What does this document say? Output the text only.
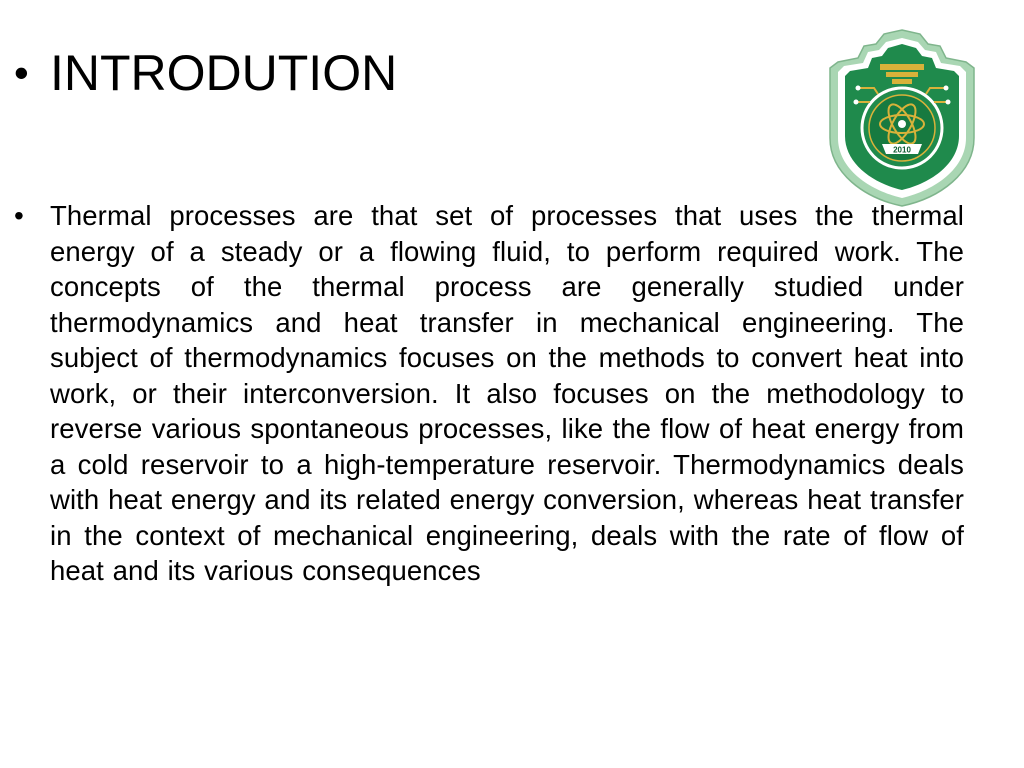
• INTRODUTION
2010
• Thermal processes are that set of processes that uses the thermal energy of a steady or a flowing fluid, to perform required work. The concepts of the thermal process are generally studied under thermodynamics and heat transfer in mechanical engineering. The subject of thermodynamics focuses on the methods to convert heat into work, or their interconversion. It also focuses on the methodology to reverse various spontaneous processes, like the flow of heat energy from a cold reservoir to a high-temperature reservoir. Thermodynamics deals with heat energy and its related energy conversion, whereas heat transfer in the context of mechanical engineering, deals with the rate of flow of heat and its various consequences
